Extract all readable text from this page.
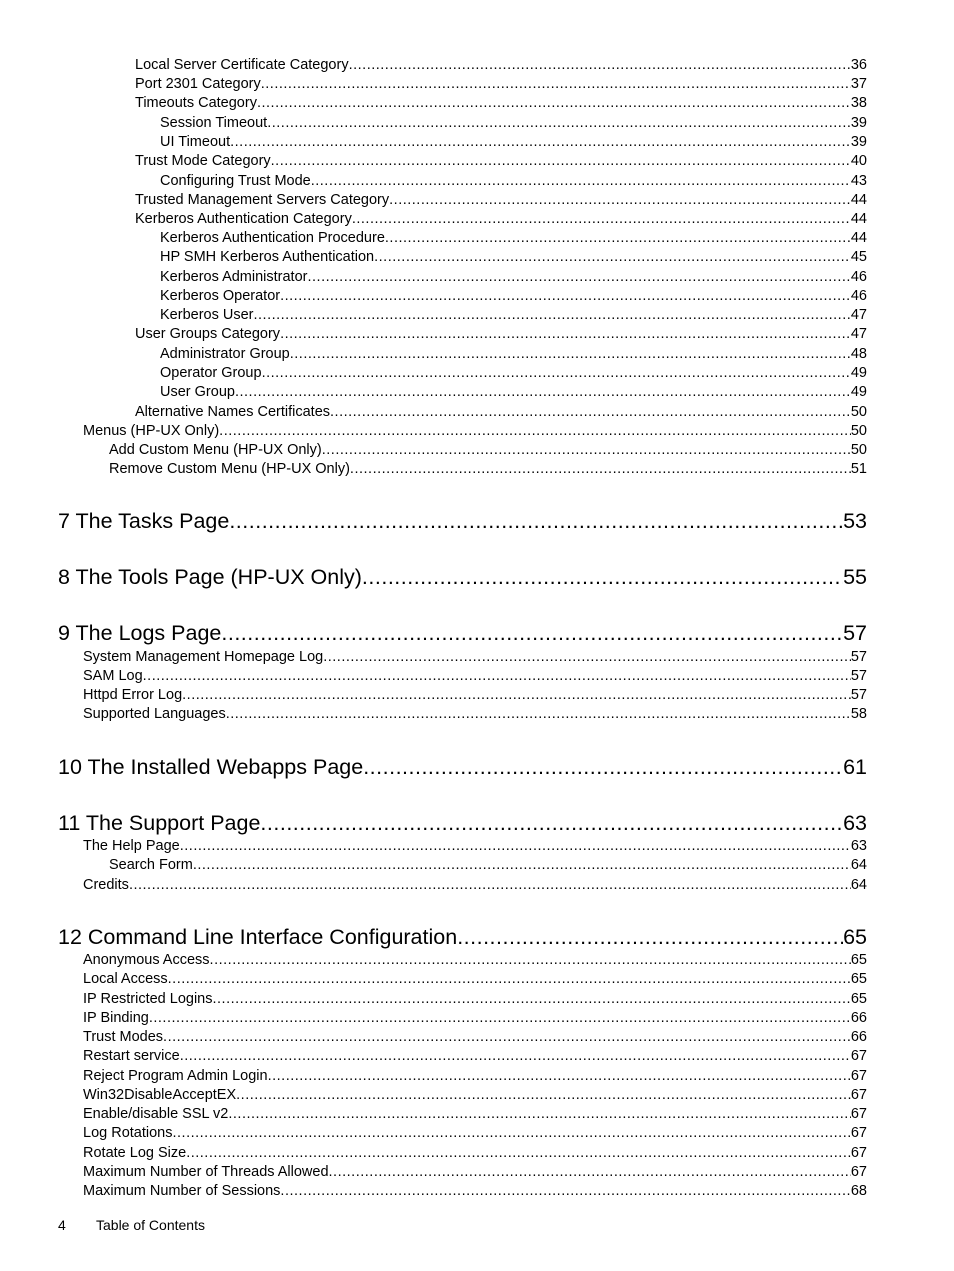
Local Server Certificate Category .....	36
Port 2301 Category .....	37
Timeouts Category .....	38
Session Timeout .....	39
UI Timeout .....	39
Trust Mode Category .....	40
Configuring Trust Mode .....	43
Trusted Management Servers Category .....	44
Kerberos Authentication Category .....	44
Kerberos Authentication Procedure .....	44
HP SMH Kerberos Authentication .....	45
Kerberos Administrator .....	46
Kerberos Operator .....	46
Kerberos User .....	47
User Groups Category .....	47
Administrator Group .....	48
Operator Group .....	49
User Group .....	49
Alternative Names Certificates .....	50
Menus (HP-UX Only) .....	50
Add Custom Menu (HP-UX Only) .....	50
Remove Custom Menu (HP-UX Only) .....	51
7 The Tasks Page .....	53
8 The Tools Page (HP-UX Only) .....	55
9 The Logs Page .....	57
System Management Homepage Log .....	57
SAM Log .....	57
Httpd Error Log .....	57
Supported Languages .....	58
10 The Installed Webapps Page .....	61
11 The Support Page .....	63
The Help Page .....	63
Search Form .....	64
Credits .....	64
12 Command Line Interface Configuration .....	65
Anonymous Access .....	65
Local Access .....	65
IP Restricted Logins .....	65
IP Binding .....	66
Trust Modes .....	66
Restart service .....	67
Reject Program Admin Login .....	67
Win32DisableAcceptEX .....	67
Enable/disable SSL v2 .....	67
Log Rotations .....	67
Rotate Log Size .....	67
Maximum Number of Threads Allowed .....	67
Maximum Number of Sessions .....	68
4 Table of Contents
